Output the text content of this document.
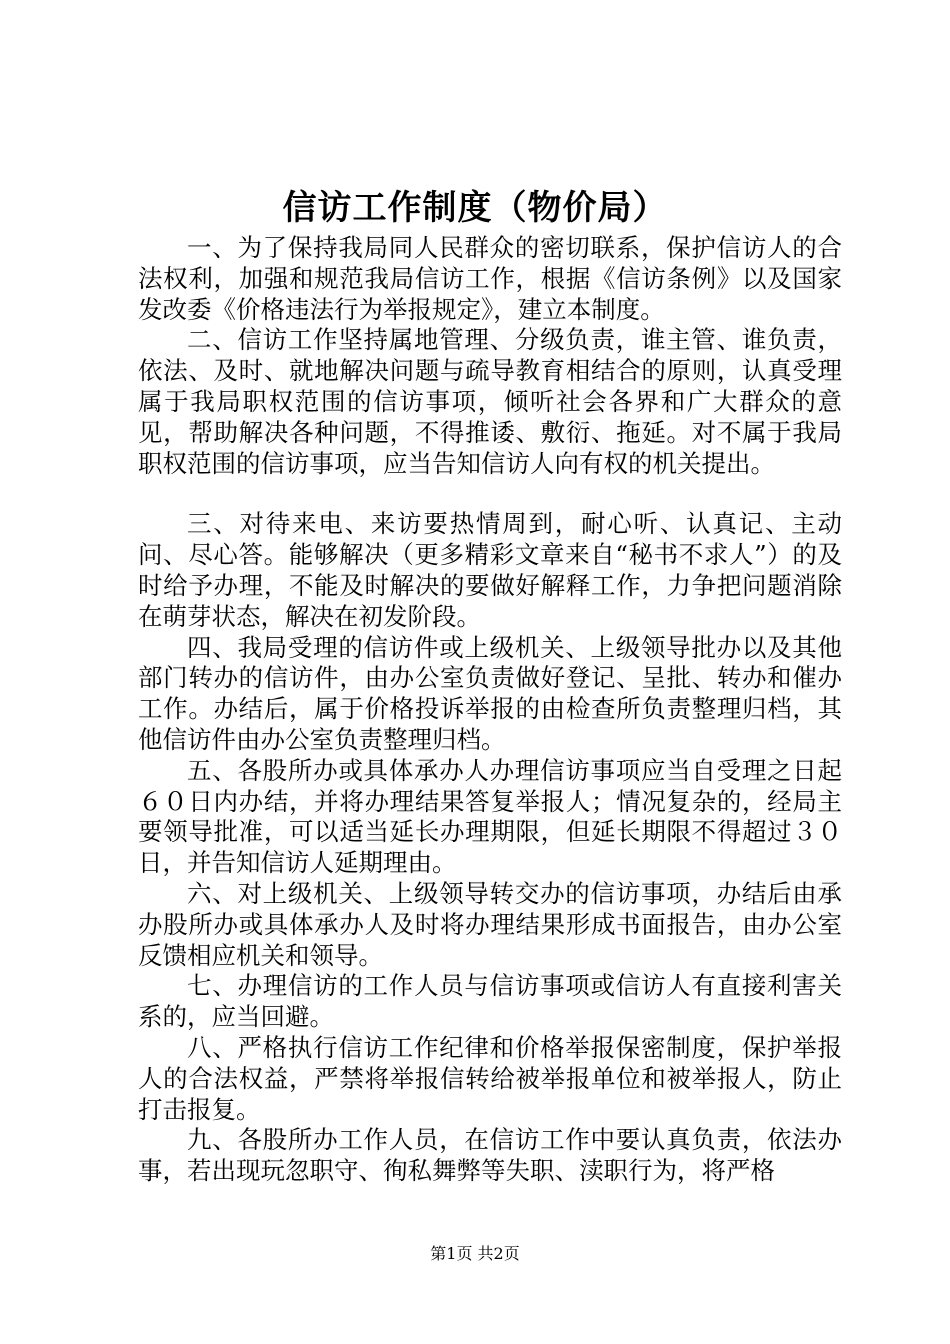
信访工作制度（物价局）

一、为了保持我局同人民群众的密切联系，保护信访人的合法权利，加强和规范我局信访工作，根据《信访条例》以及国家发改委《价格违法行为举报规定》，建立本制度。

二、信访工作坚持属地管理、分级负责，谁主管、谁负责，依法、及时、就地解决问题与疏导教育相结合的原则，认真受理属于我局职权范围的信访事项，倾听社会各界和广大群众的意见，帮助解决各种问题，不得推诿、敷衍、拖延。对不属于我局职权范围的信访事项，应当告知信访人向有权的机关提出。

三、对待来电、来访要热情周到，耐心听、认真记、主动问、尽心答。能够解决（更多精彩文章来自“秘书不求人”）的及时给予办理，不能及时解决的要做好解释工作，力争把问题消除在萌芽状态，解决在初发阶段。

四、我局受理的信访件或上级机关、上级领导批办以及其他部门转办的信访件，由办公室负责做好登记、呈批、转办和催办工作。办结后，属于价格投诉举报的由检查所负责整理归档，其他信访件由办公室负责整理归档。

五、各股所办或具体承办人办理信访事项应当自受理之日起６０日内办结，并将办理结果答复举报人；情况复杂的，经局主要领导批准，可以适当延长办理期限，但延长期限不得超过３０日，并告知信访人延期理由。

六、对上级机关、上级领导转交办的信访事项，办结后由承办股所办或具体承办人及时将办理结果形成书面报告，由办公室反馈相应机关和领导。

七、办理信访的工作人员与信访事项或信访人有直接利害关系的，应当回避。

八、严格执行信访工作纪律和价格举报保密制度，保护举报人的合法权益，严禁将举报信转给被举报单位和被举报人，防止打击报复。

九、各股所办工作人员，在信访工作中要认真负责，依法办事，若出现玩忽职守、徇私舞弊等失职、渎职行为，将严格

第1页 共2页
